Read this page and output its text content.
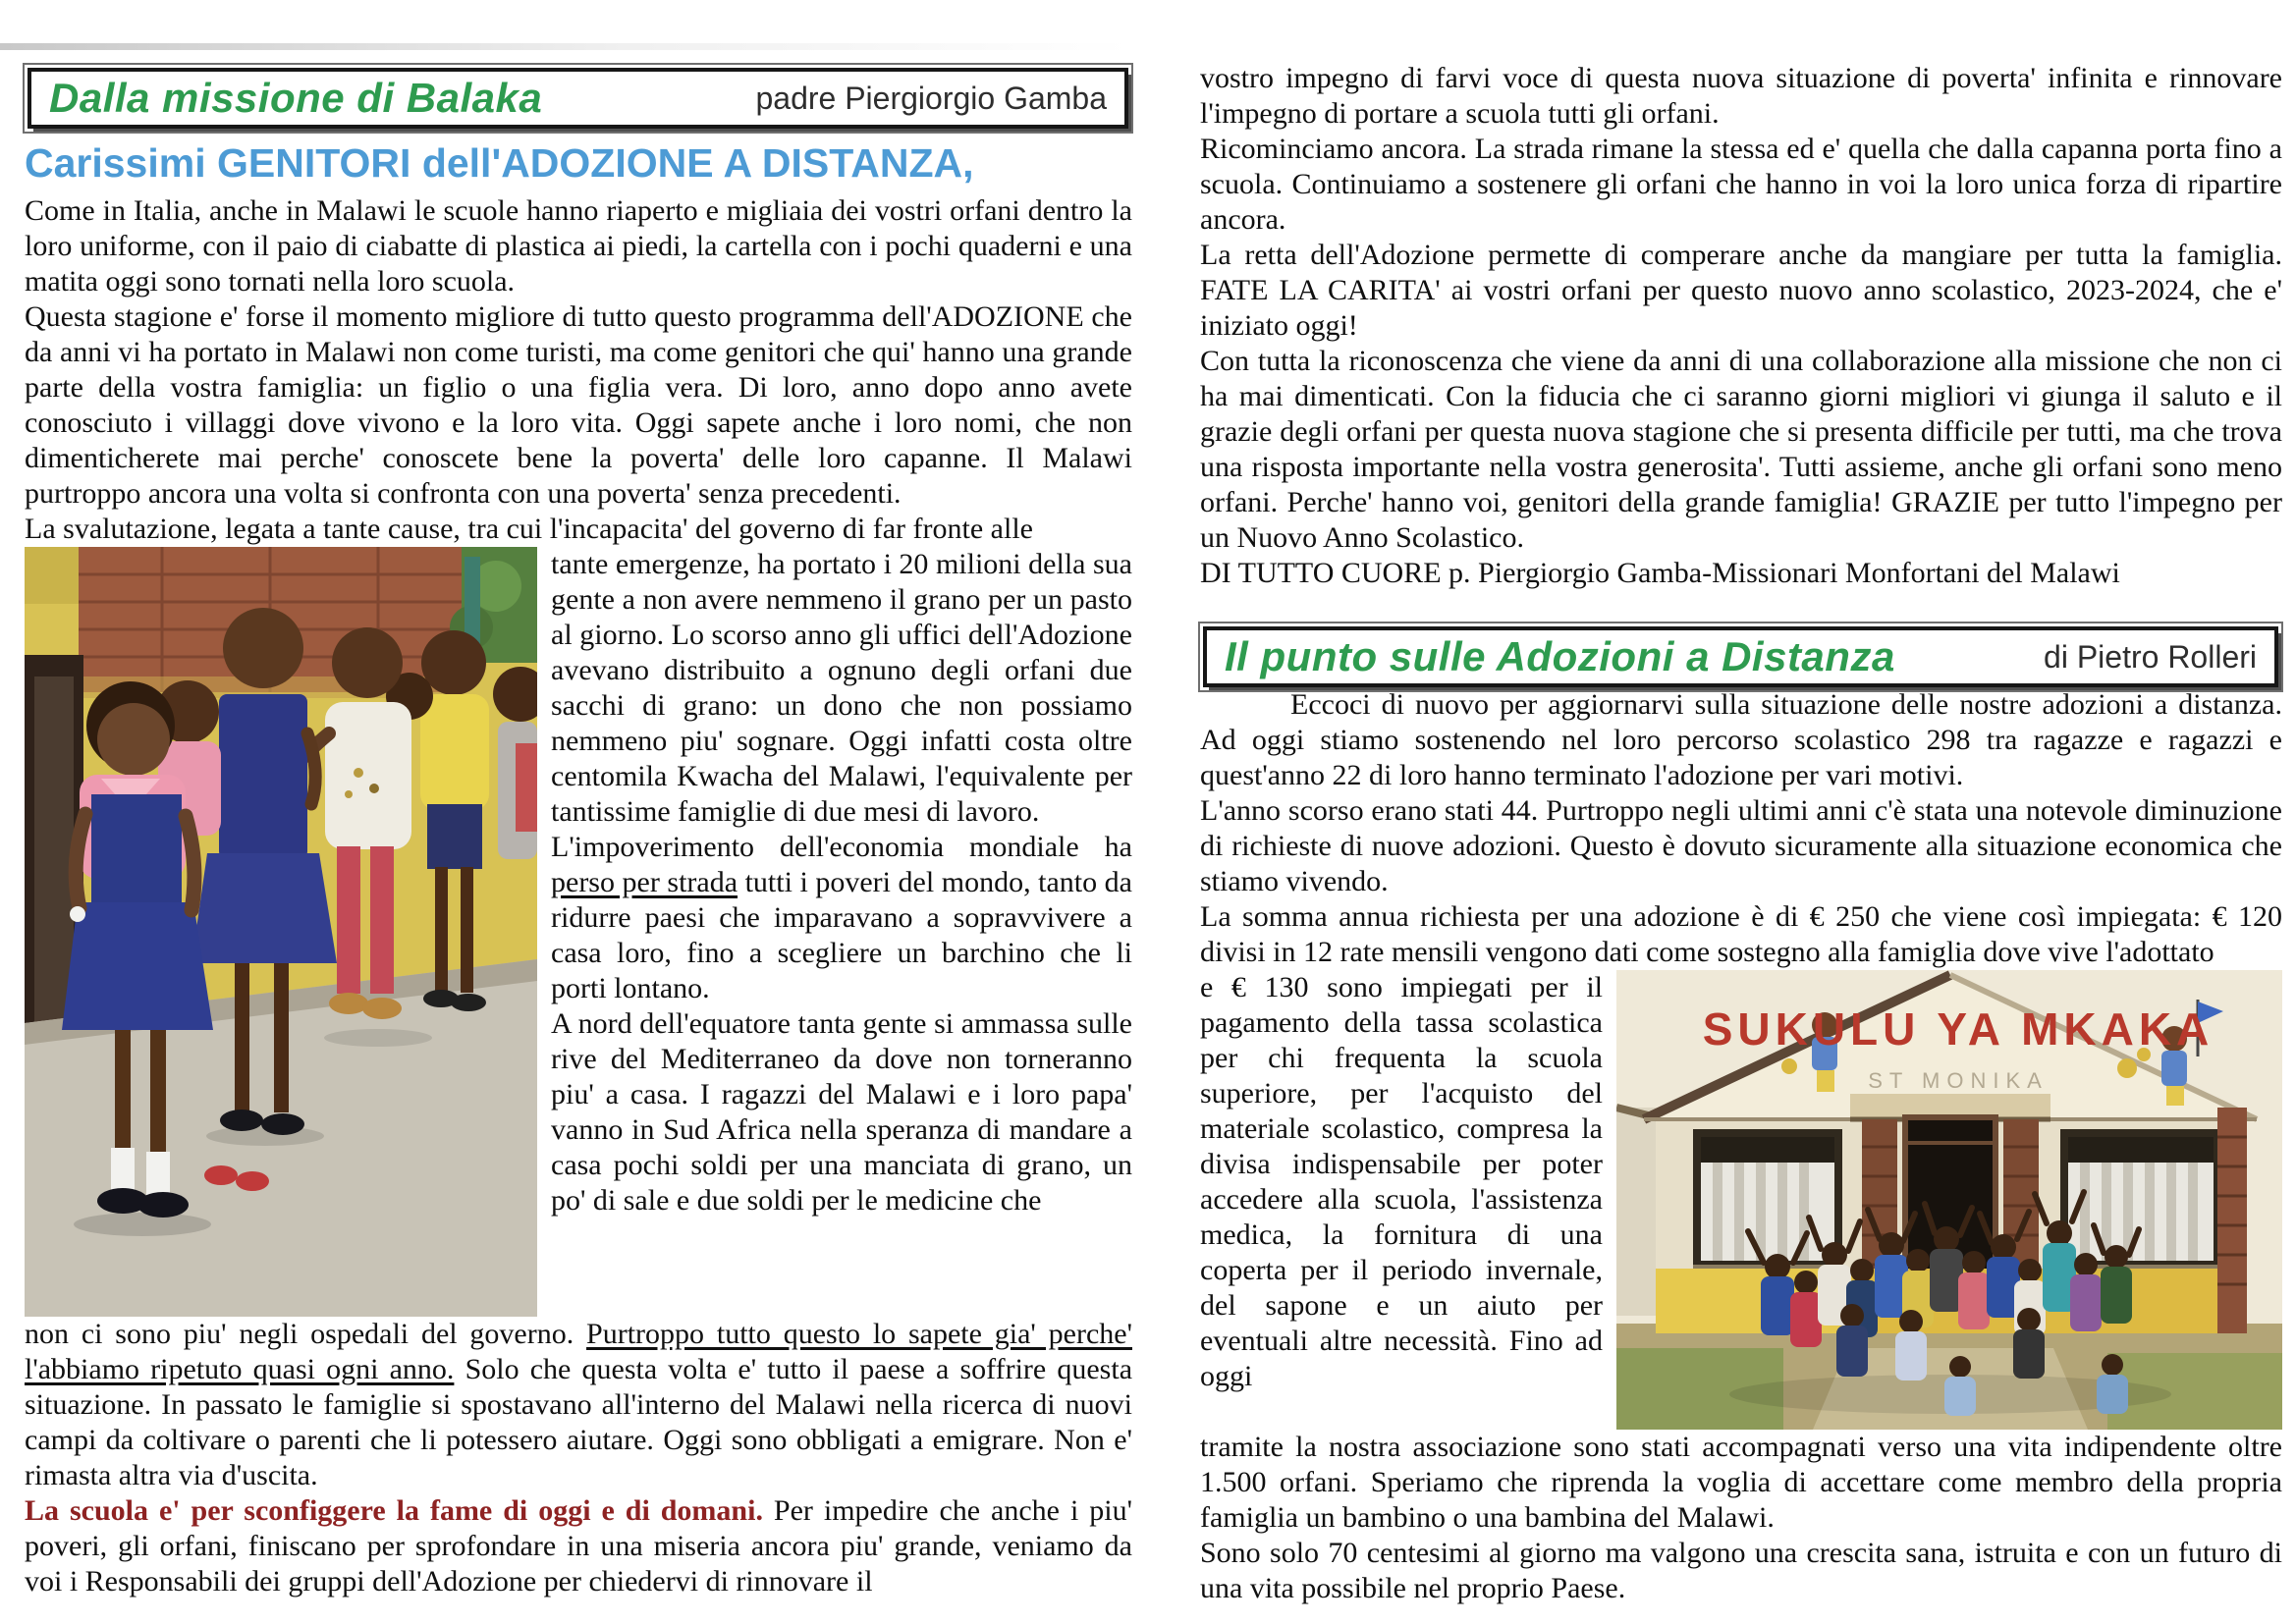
Dalla missione di Balaka	padre Piergiorgio Gamba
Carissimi GENITORI dell'ADOZIONE A DISTANZA,

Come in Italia, anche in Malawi le scuole hanno riaperto e migliaia dei vostri orfani dentro la loro uniforme, con il paio di ciabatte di plastica ai piedi, la cartella con i pochi quaderni e una matita oggi sono tornati nella loro scuola.

Questa stagione e' forse il momento migliore di tutto questo programma dell'ADOZIONE che da anni vi ha portato in Malawi non come turisti, ma come genitori che qui' hanno una grande parte della vostra famiglia: un figlio o una figlia vera. Di loro, anno dopo anno avete conosciuto i villaggi dove vivono e la loro vita. Oggi sapete anche i loro nomi, che non dimenticherete mai perche' conoscete bene la poverta' delle loro capanne. Il Malawi purtroppo ancora una volta si confronta con una poverta' senza precedenti.

La svalutazione, legata a tante cause, tra cui l'incapacita' del governo di far fronte alle

tante emergenze, ha portato i 20 milioni della sua gente a non avere nemmeno il grano per un pasto al giorno. Lo scorso anno gli uffici dell'Adozione avevano distribuito a ognuno degli orfani due sacchi di grano: un dono che non possiamo nemmeno piu' sognare. Oggi infatti costa oltre centomila Kwacha del Malawi, l'equivalente per tantissime famiglie di due mesi di lavoro.

L'impoverimento dell'economia mondiale ha perso per strada tutti i poveri del mondo, tanto da ridurre paesi che imparavano a sopravvivere a casa loro, fino a scegliere un barchino che li porti lontano.

A nord dell'equatore tanta gente si ammassa sulle rive del Mediterraneo da dove non torneranno piu' a casa. I ragazzi del Malawi e i loro papa' vanno in Sud Africa nella speranza di mandare a casa pochi soldi per una manciata di grano, un po' di sale e due soldi per le medicine che

non ci sono piu' negli ospedali del governo. Purtroppo tutto questo lo sapete gia' perche' l'abbiamo ripetuto quasi ogni anno. Solo che questa volta e' tutto il paese a soffrire questa situazione. In passato le famiglie si spostavano all'interno del Malawi nella ricerca di nuovi campi da coltivare o parenti che li potessero aiutare. Oggi sono obbligati a emigrare. Non e' rimasta altra via d'uscita.

La scuola e' per sconfiggere la fame di oggi e di domani. Per impedire che anche i piu' poveri, gli orfani, finiscano per sprofondare in una miseria ancora piu' grande, veniamo da voi i Responsabili dei gruppi dell'Adozione per chiedervi di rinnovare il

vostro impegno di farvi voce di questa nuova situazione di poverta' infinita e rinnovare l'impegno di portare a scuola tutti gli orfani.

Ricominciamo ancora. La strada rimane la stessa ed e' quella che dalla capanna porta fino a scuola. Continuiamo a sostenere gli orfani che hanno in voi la loro unica forza di ripartire ancora.

La retta dell'Adozione permette di comperare anche da mangiare per tutta la famiglia. FATE LA CARITA' ai vostri orfani per questo nuovo anno scolastico, 2023-2024, che e' iniziato oggi!

Con tutta la riconoscenza che viene da anni di una collaborazione alla missione che non ci ha mai dimenticati. Con la fiducia che ci saranno giorni migliori vi giunga il saluto e il grazie degli orfani per questa nuova stagione che si presenta difficile per tutti, ma che trova una risposta importante nella vostra generosita'. Tutti assieme, anche gli orfani sono meno orfani. Perche' hanno voi, genitori della grande famiglia! GRAZIE per tutto l'impegno per un Nuovo Anno Scolastico.

DI TUTTO CUORE p. Piergiorgio Gamba-Missionari Monfortani del Malawi

Il punto sulle Adozioni a Distanza	di Pietro Rolleri

Eccoci di nuovo per aggiornarvi sulla situazione delle nostre adozioni a distanza. Ad oggi stiamo sostenendo nel loro percorso scolastico 298 tra ragazze e ragazzi e quest'anno 22 di loro hanno terminato l'adozione per vari motivi.

L'anno scorso erano stati 44. Purtroppo negli ultimi anni c'è stata una notevole diminuzione di richieste di nuove adozioni. Questo è dovuto sicuramente alla situazione economica che stiamo vivendo.

La somma annua richiesta per una adozione è di € 250 che viene così impiegata: € 120 divisi in 12 rate mensili vengono dati come sostegno alla famiglia dove vive l'adottato

e € 130 sono impiegati per il pagamento della tassa scolastica per chi frequenta la scuola superiore, per l'acquisto del materiale scolastico, compresa la divisa indispensabile per poter accedere alla scuola, l'assistenza medica, la fornitura di una coperta per il periodo invernale, del sapone e un aiuto per eventuali altre necessità. Fino ad oggi

SUKULU YA MKAKA
ST MONIKA

tramite la nostra associazione sono stati accompagnati verso una vita indipendente oltre 1.500 orfani. Speriamo che riprenda la voglia di accettare come membro della propria famiglia un bambino o una bambina del Malawi.

Sono solo 70 centesimi al giorno ma valgono una crescita sana, istruita e con un futuro di una vita possibile nel proprio Paese.
